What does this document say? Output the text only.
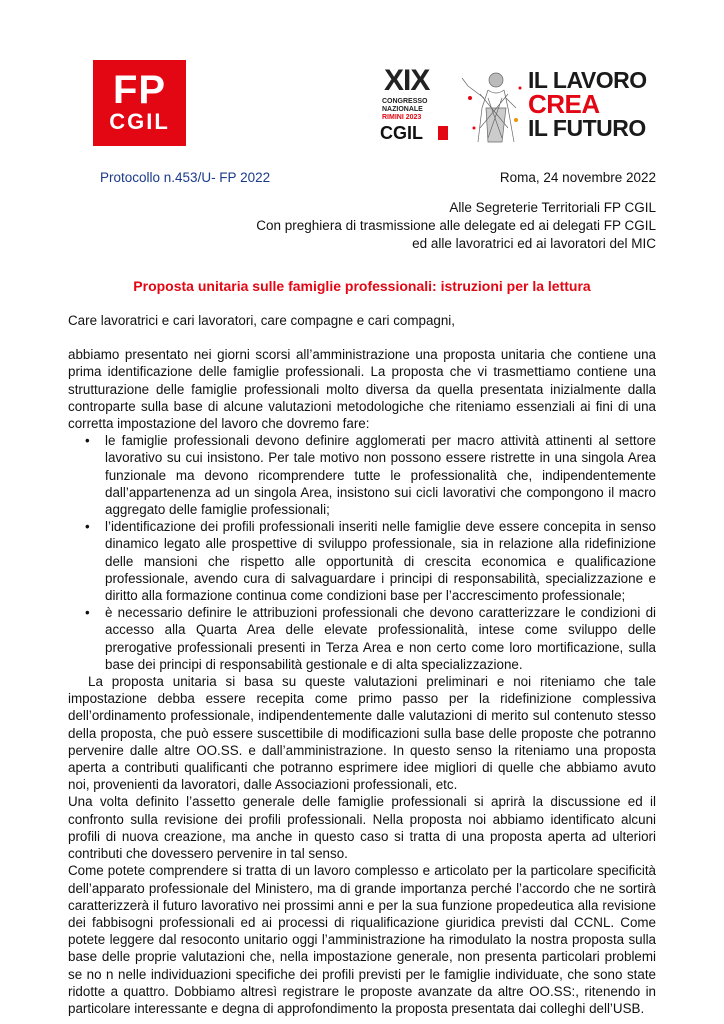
FP
CGIL
XIX
CONGRESSO
NAZIONALE
RIMINI 2023
CGIL
IL LAVORO
CREA
IL FUTURO
Protocollo n.453/U- FP 2022	Roma, 24 novembre 2022
Alle Segreterie Territoriali FP CGIL
Con preghiera di trasmissione alle delegate ed ai delegati FP CGIL
ed alle lavoratrici ed ai lavoratori del MIC
Proposta unitaria sulle famiglie professionali: istruzioni per la lettura

Care lavoratrici e cari lavoratori, care compagne e cari compagni,

abbiamo presentato nei giorni scorsi all’amministrazione una proposta unitaria che contiene una prima identificazione delle famiglie professionali. La proposta che vi trasmettiamo contiene una strutturazione delle famiglie professionali molto diversa da quella presentata inizialmente dalla controparte sulla base di alcune valutazioni metodologiche che riteniamo essenziali ai fini di una corretta impostazione del lavoro che dovremo fare:

• le famiglie professionali devono definire agglomerati per macro attività attinenti al settore lavorativo su cui insistono. Per tale motivo non possono essere ristrette in una singola Area funzionale ma devono ricomprendere tutte le professionalità che, indipendentemente dall’appartenenza ad un singola Area, insistono sui cicli lavorativi che compongono il macro aggregato delle famiglie professionali;
• l’identificazione dei profili professionali inseriti nelle famiglie deve essere concepita in senso dinamico legato alle prospettive di sviluppo professionale, sia in relazione alla ridefinizione delle mansioni che rispetto alle opportunità di crescita economica e qualificazione professionale, avendo cura di salvaguardare i principi di responsabilità, specializzazione e diritto alla formazione continua come condizioni base per l’accrescimento professionale;
• è necessario definire le attribuzioni professionali che devono caratterizzare le condizioni di accesso alla Quarta Area delle elevate professionalità, intese come sviluppo delle prerogative professionali presenti in Terza Area e non certo come loro mortificazione, sulla base dei principi di responsabilità gestionale e di alta specializzazione.

La proposta unitaria si basa su queste valutazioni preliminari e noi riteniamo che tale impostazione debba essere recepita come primo passo per la ridefinizione complessiva dell’ordinamento professionale, indipendentemente dalle valutazioni di merito sul contenuto stesso della proposta, che può essere suscettibile di modificazioni sulla base delle proposte che potranno pervenire dalle altre OO.SS. e dall’amministrazione. In questo senso la riteniamo una proposta aperta a contributi qualificanti che potranno esprimere idee migliori di quelle che abbiamo avuto noi, provenienti da lavoratori, dalle Associazioni professionali, etc.

Una volta definito l’assetto generale delle famiglie professionali si aprirà la discussione ed il confronto sulla revisione dei profili professionali. Nella proposta noi abbiamo identificato alcuni profili di nuova creazione, ma anche in questo caso si tratta di una proposta aperta ad ulteriori contributi che dovessero pervenire in tal senso.

Come potete comprendere si tratta di un lavoro complesso e articolato per la particolare specificità dell’apparato professionale del Ministero, ma di grande importanza perché l’accordo che ne sortirà caratterizzerà il futuro lavorativo nei prossimi anni e per la sua funzione propedeutica alla revisione dei fabbisogni professionali ed ai processi di riqualificazione giuridica previsti dal CCNL. Come potete leggere dal resoconto unitario oggi l’amministrazione ha rimodulato la nostra proposta sulla base delle proprie valutazioni che, nella impostazione generale, non presenta particolari problemi se no n nelle individuazioni specifiche dei profili previsti per le famiglie individuate, che sono state ridotte a quattro. Dobbiamo altresì registrare le proposte avanzate da altre OO.SS:, ritenendo in particolare interessante e degna di approfondimento la proposta presentata dai colleghi dell’USB.
